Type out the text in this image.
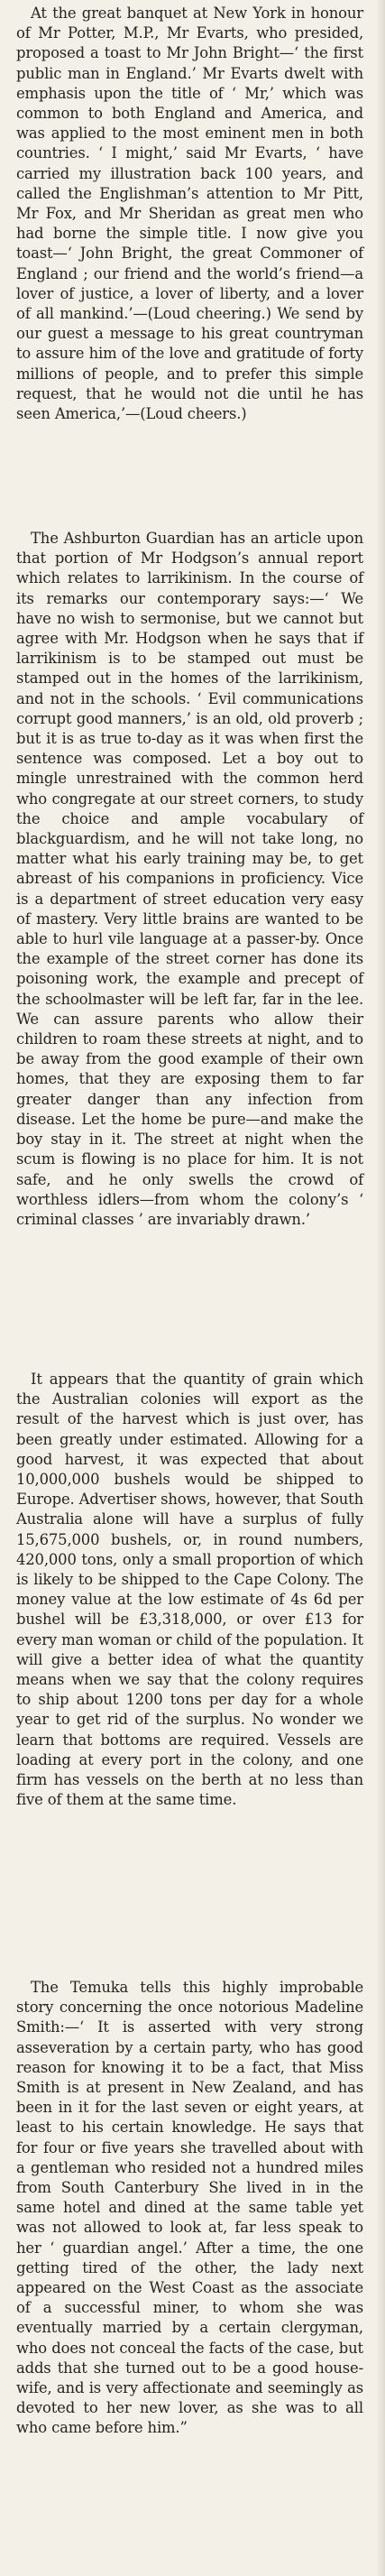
At the great banquet at New York in honour of Mr Potter, M.P., Mr Evarts, who presided, proposed a toast to Mr John Bright—‘ the first public man in England.’ Mr Evarts dwelt with emphasis upon the title of ‘ Mr,’ which was common to both England and America, and was applied to the most eminent men in both countries. ‘ I might,’ said Mr Evarts, ‘ have carried my illustration back 100 years, and called the Englishman’s attention to Mr Pitt, Mr Fox, and Mr Sheridan as great men who had borne the simple title. I now give you toast—‘ John Bright, the great Commoner of England ; our friend and the world’s friend—a lover of justice, a lover of liberty, and a lover of all mankind.’—(Loud cheering.) We send by our guest a message to his great countryman to assure him of the love and gratitude of forty millions of people, and to prefer this simple request, that he would not die until he has seen America,’—(Loud cheers.)

The Ashburton Guardian has an article upon that portion of Mr Hodgson’s annual report which relates to larrikinism. In the course of its remarks our contemporary says:—‘ We have no wish to sermonise, but we cannot but agree with Mr. Hodgson when he says that if larrikinism is to be stamped out must be stamped out in the homes of the larrikinism, and not in the schools. ‘ Evil communications corrupt good manners,’ is an old, old proverb ; but it is as true to-day as it was when first the sentence was composed. Let a boy out to mingle unrestrained with the common herd who congregate at our street corners, to study the choice and ample vocabulary of blackguardism, and he will not take long, no matter what his early training may be, to get abreast of his companions in proficiency. Vice is a department of street education very easy of mastery. Very little brains are wanted to be able to hurl vile language at a passer-by. Once the example of the street corner has done its poisoning work, the example and precept of the schoolmaster will be left far, far in the lee. We can assure parents who allow their children to roam these streets at night, and to be away from the good example of their own homes, that they are exposing them to far greater danger than any infection from disease. Let the home be pure—and make the boy stay in it. The street at night when the scum is flowing is no place for him. It is not safe, and he only swells the crowd of worthless idlers—from whom the colony’s ‘ criminal classes ’ are invariably drawn.’

It appears that the quantity of grain which the Australian colonies will export as the result of the harvest which is just over, has been greatly under estimated. Allowing for a good harvest, it was expected that about 10,000,000 bushels would be shipped to Europe. Advertiser shows, however, that South Australia alone will have a surplus of fully 15,675,000 bushels, or, in round numbers, 420,000 tons, only a small proportion of which is likely to be shipped to the Cape Colony. The money value at the low estimate of 4s 6d per bushel will be £3,318,000, or over £13 for every man woman or child of the population. It will give a better idea of what the quantity means when we say that the colony requires to ship about 1200 tons per day for a whole year to get rid of the surplus. No wonder we learn that bottoms are required. Vessels are loading at every port in the colony, and one firm has vessels on the berth at no less than five of them at the same time.

The Temuka tells this highly improbable story concerning the once notorious Madeline Smith:—‘ It is asserted with very strong asseveration by a certain party, who has good reason for knowing it to be a fact, that Miss Smith is at present in New Zealand, and has been in it for the last seven or eight years, at least to his certain knowledge. He says that for four or five years she travelled about with a gentleman who resided not a hundred miles from South Canterbury She lived in in the same hotel and dined at the same table yet was not allowed to look at, far less speak to her ‘ guardian angel.’ After a time, the one getting tired of the other, the lady next appeared on the West Coast as the associate of a successful miner, to whom she was eventually married by a certain clergyman, who does not conceal the facts of the case, but adds that she turned out to be a good house-wife, and is very affectionate and seemingly as devoted to her new lover, as she was to all who came before him.”
